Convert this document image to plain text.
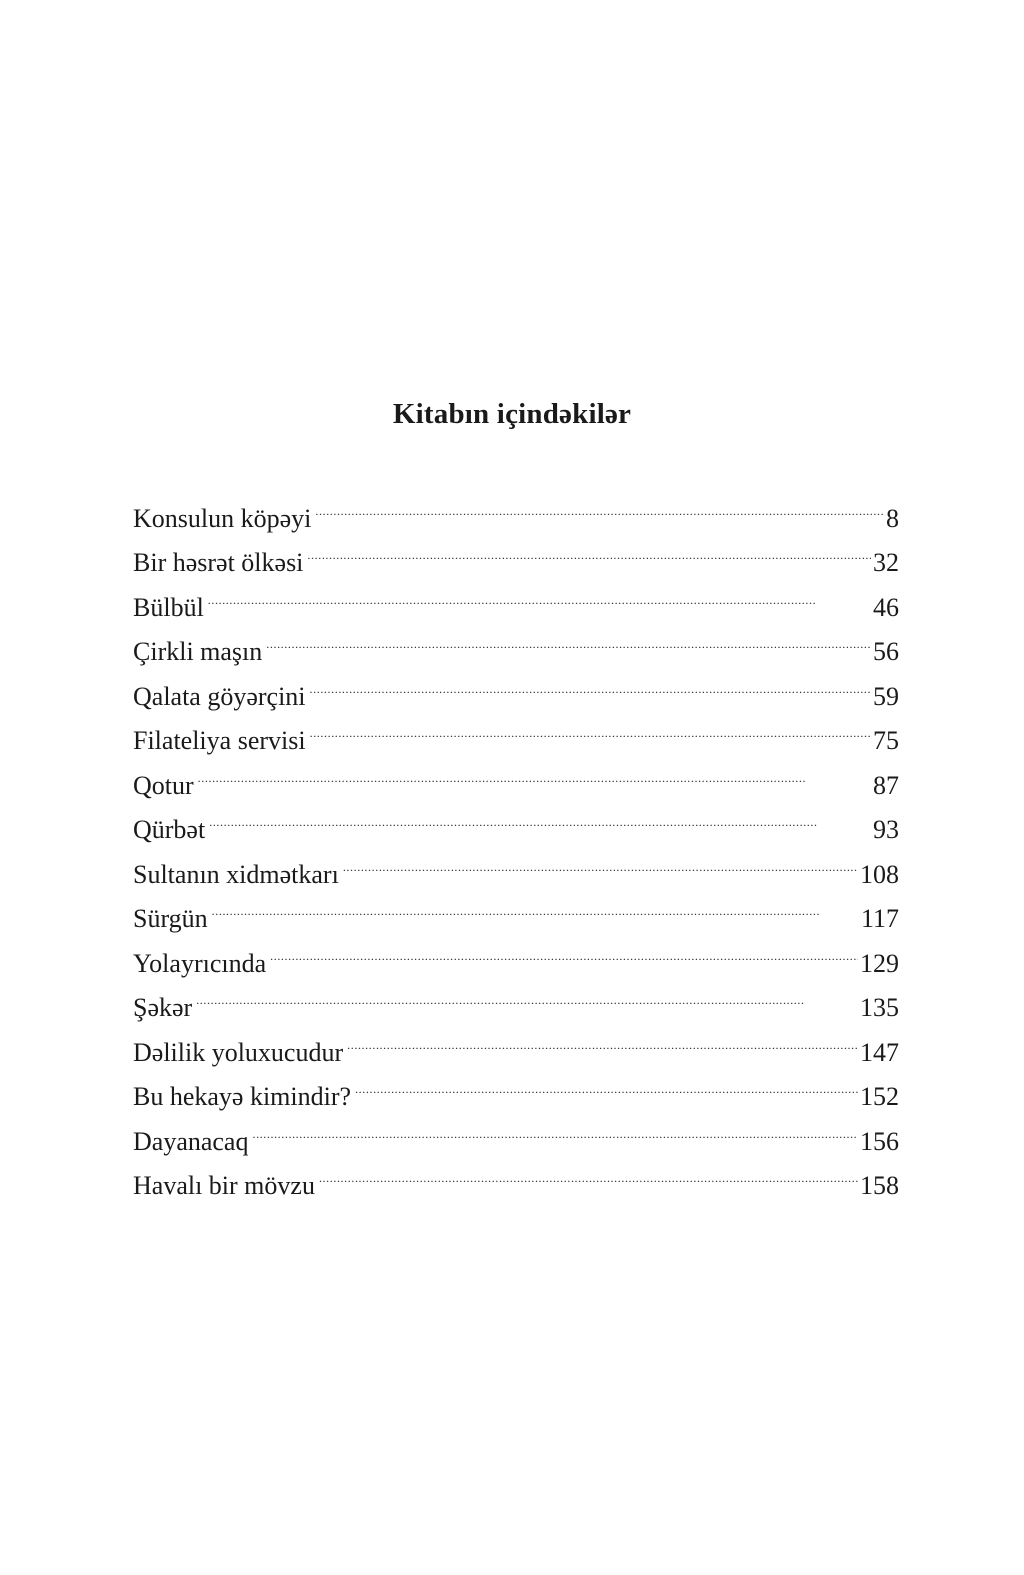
Kitabın içindəkilər
Konsulun köpəyi . . .	8
Bir həsrət ölkəsi . . .	32
Bülbül . . .	46
Çirkli maşın . . .	56
Qalata göyərçini . . .	59
Filateliya servisi . . .	75
Qotur . . .	87
Qürbət . . .	93
Sultanın xidmətkarı . . .	108
Sürgün . . .	117
Yolayrıcında . . .	129
Şəkər . . .	135
Dəlilik yoluxucudur . . .	147
Bu hekayə kimindir? . . .	152
Dayanacaq . . .	156
Havalı bir mövzu . . .	158
